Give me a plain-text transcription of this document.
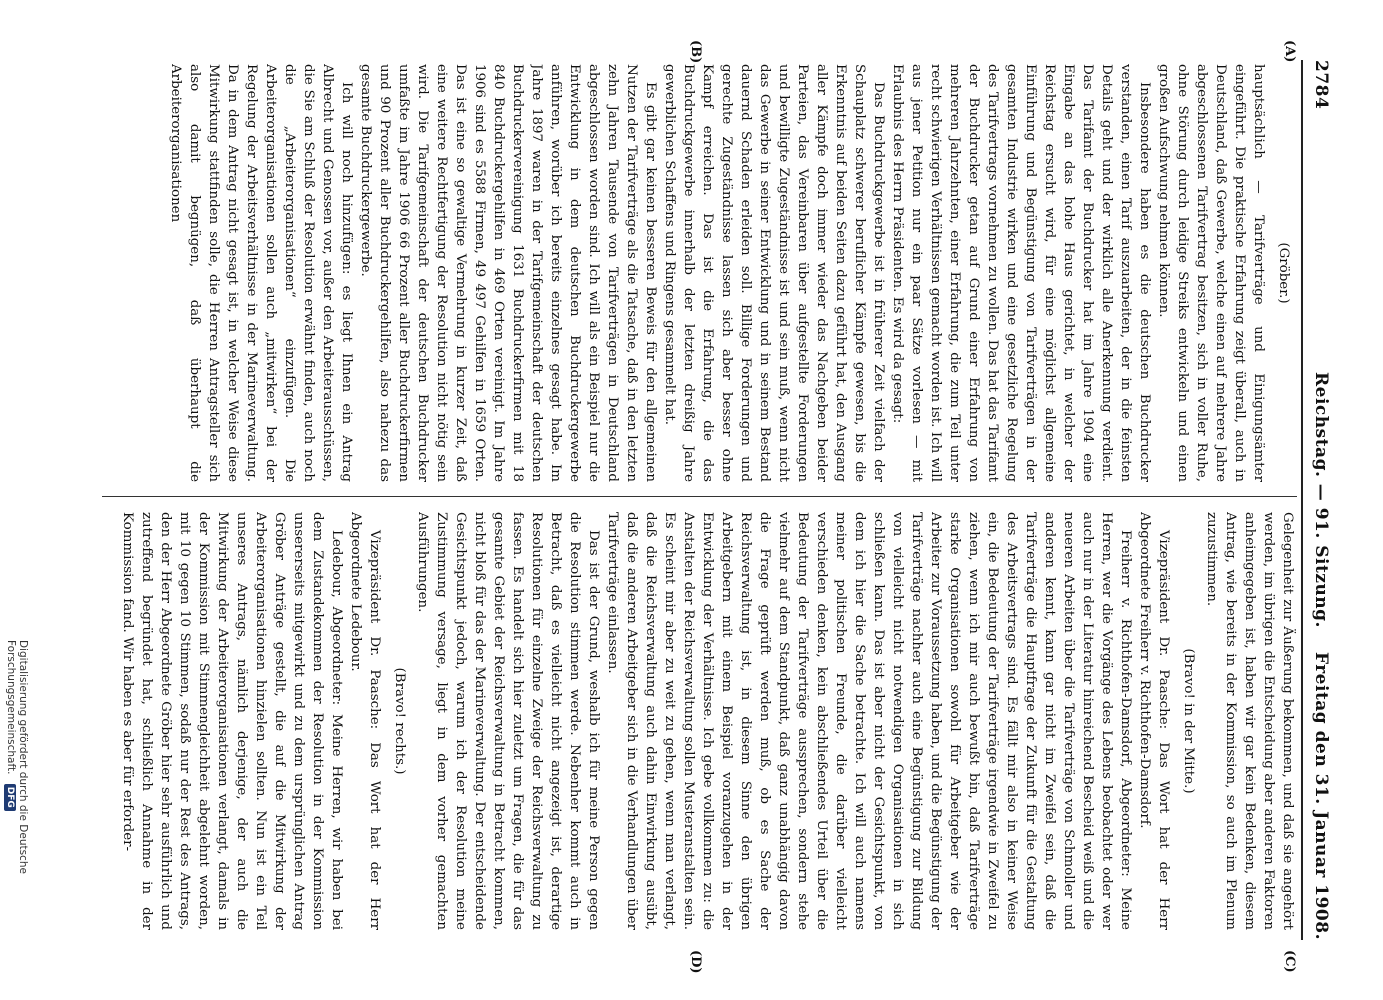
2784
Reichstag. — 91. Sitzung.
Freitag den 31. Januar 1908.
(A)
(B)
(C)
(D)

(Gröber.)

hauptsächlich — Tarifverträge und Einigungsämter eingeführt. Die praktische Erfahrung zeigt überall, auch in Deutschland, daß Gewerbe, welche einen auf mehrere Jahre abgeschlossenen Tarifvertrag besitzen, sich in voller Ruhe, ohne Störung durch leidige Streiks entwickeln und einen großen Aufschwung nehmen können.

Insbesondere haben es die deutschen Buchdrucker verstanden, einen Tarif auszuarbeiten, der in die feinsten Details geht und der wirklich alle Anerkennung verdient. Das Tarifamt der Buchdrucker hat im Jahre 1904 eine Eingabe an das hohe Haus gerichtet, in welcher der Reichstag ersucht wird, für eine möglichst allgemeine Einführung und Begünstigung von Tarifverträgen in der gesamten Industrie wirken und eine gesetzliche Regelung des Tarifvertrags vornehmen zu wollen. Das hat das Tarifamt der Buchdrucker getan auf Grund einer Erfahrung von mehreren Jahrzehnten, einer Erfahrung, die zum Teil unter recht schwierigen Verhältnissen gemacht worden ist. Ich will aus jener Petition nur ein paar Sätze vorlesen — mit Erlaubnis des Herrn Präsidenten. Es wird da gesagt:

Das Buchdruckgewerbe ist in früherer Zeit vielfach der Schauplatz schwerer beruflicher Kämpfe gewesen, bis die Erkenntnis auf beiden Seiten dazu geführt hat, den Ausgang aller Kämpfe doch immer wieder das Nachgeben beider Parteien, das Vereinbaren über aufgestellte Forderungen und bewilligte Zugeständnisse ist und sein muß, wenn nicht das Gewerbe in seiner Entwicklung und in seinem Bestand dauernd Schaden erleiden soll. Billige Forderungen und gerechte Zugeständnisse lassen sich aber besser ohne Kampf erreichen. Das ist die Erfahrung, die das Buchdruckgewerbe innerhalb der letzten dreißig Jahre gewerblichen Schaffens und Ringens gesammelt hat.

Es gibt gar keinen besseren Beweis für den allgemeinen Nutzen der Tarifverträge als die Tatsache, daß in den letzten zehn Jahren Tausende von Tarifverträgen in Deutschland abgeschlossen worden sind. Ich will als ein Beispiel nur die Entwicklung in dem deutschen Buchdruckergewerbe anführen, worüber ich bereits einzelnes gesagt habe. Im Jahre 1897 waren in der Tarifgemeinschaft der deutschen Buchdruckervereinigung 1631 Buchdruckerfirmen mit 18 840 Buchdruckergehilfen in 469 Orten vereinigt. Im Jahre 1906 sind es 5588 Firmen, 49 497 Gehilfen in 1659 Orten. Das ist eine so gewaltige Vermehrung in kurzer Zeit, daß eine weitere Rechtfertigung der Resolution nicht nötig sein wird. Die Tarifgemeinschaft der deutschen Buchdrucker umfaßte im Jahre 1906 66 Prozent aller Buchdruckerfirmen und 90 Prozent aller Buchdruckergehilfen, also nahezu das gesamte Buchdruckergewerbe.

Ich will noch hinzufügen: es liegt Ihnen ein Antrag Albrecht und Genossen vor, außer den Arbeiterausschüssen, die Sie am Schluß der Resolution erwähnt finden, auch noch die „Arbeiterorganisationen“ einzufügen. Die Arbeiterorganisationen sollen auch „mitwirken“ bei der Regelung der Arbeitsverhältnisse in der Marineverwaltung. Da in dem Antrag nicht gesagt ist, in welcher Weise diese Mitwirkung stattfinden solle, die Herren Antragsteller sich also damit begnügen, daß überhaupt die Arbeiterorganisationen

Gelegenheit zur Äußerung bekommen, und daß sie angehört werden, im übrigen die Entscheidung aber anderen Faktoren anheimgegeben ist, haben wir gar kein Bedenken, diesem Antrag, wie bereits in der Kommission, so auch im Plenum zuzustimmen.

(Bravo! in der Mitte.)

Vizepräsident Dr. Paasche: Das Wort hat der Herr Abgeordnete Freiherr v. Richthofen-Damsdorf.

Freiherr v. Richthofen-Damsdorf, Abgeordneter: Meine Herren, wer die Vorgänge des Lebens beobachtet oder wer auch nur in der Literatur hinreichend Bescheid weiß und die neueren Arbeiten über die Tarifverträge von Schmoller und anderen kennt, kann gar nicht im Zweifel sein, daß die Tarifverträge die Hauptfrage der Zukunft für die Gestaltung des Arbeitsvertrags sind. Es fällt mir also in keiner Weise ein, die Bedeutung der Tarifverträge irgendwie in Zweifel zu ziehen, wenn ich mir auch bewußt bin, daß Tarifverträge starke Organisationen sowohl für Arbeitgeber wie der Arbeiter zur Voraussetzung haben, und die Begünstigung der Tarifverträge nachher auch eine Begünstigung zur Bildung von vielleicht nicht notwendigen Organisationen in sich schließen kann. Das ist aber nicht der Gesichtspunkt, von dem ich hier die Sache betrachte. Ich will auch namens meiner politischen Freunde, die darüber vielleicht verschieden denken, kein abschließendes Urteil über die Bedeutung der Tarifverträge aussprechen, sondern stehe vielmehr auf dem Standpunkt, daß ganz unabhängig davon die Frage geprüft werden muß, ob es Sache der Reichsverwaltung ist, in diesem Sinne den übrigen Arbeitgebern mit einem Beispiel voranzugehen in der Entwicklung der Verhältnisse. Ich gebe vollkommen zu: die Anstalten der Reichsverwaltung sollen Musteranstalten sein. Es scheint mir aber zu weit zu gehen, wenn man verlangt, daß die Reichsverwaltung auch dahin Einwirkung ausübt, daß die anderen Arbeitgeber sich in die Verhandlungen über Tarifverträge einlassen.

Das ist der Grund, weshalb ich für meine Person gegen die Resolution stimmen werde. Nebenher kommt auch in Betracht, daß es vielleicht nicht angezeigt ist, derartige Resolutionen für einzelne Zweige der Reichsverwaltung zu fassen. Es handelt sich hier zuletzt um Fragen, die für das gesamte Gebiet der Reichsverwaltung in Betracht kommen, nicht bloß für das der Marineverwaltung. Der entscheidende Gesichtspunkt jedoch, warum ich der Resolution meine Zustimmung versage, liegt in dem vorher gemachten Ausführungen.

(Bravo! rechts.)

Vizepräsident Dr. Paasche: Das Wort hat der Herr Abgeordnete Ledebour.

Ledebour, Abgeordneter: Meine Herren, wir haben bei dem Zustandekommen der Resolution in der Kommission unsererseits mitgewirkt und zu dem ursprünglichen Antrag Gröber Anträge gestellt, die auf die Mitwirkung der Arbeiterorganisationen hinzielen sollten. Nun ist ein Teil unseres Antrags, nämlich derjenige, der auch die Mitwirkung der Arbeiterorganisationen verlangt, damals in der Kommission mit Stimmengleichheit abgelehnt worden, mit 10 gegen 10 Stimmen, sodaß nur der Rest des Antrags, den der Herr Abgeordnete Gröber hier sehr ausführlich und zutreffend begründet hat, schließlich Annahme in der Kommission fand. Wir haben es aber für erforder-

Digitalisierung gefördert durch die Deutsche Forschungsgemeinschaft. DFG
